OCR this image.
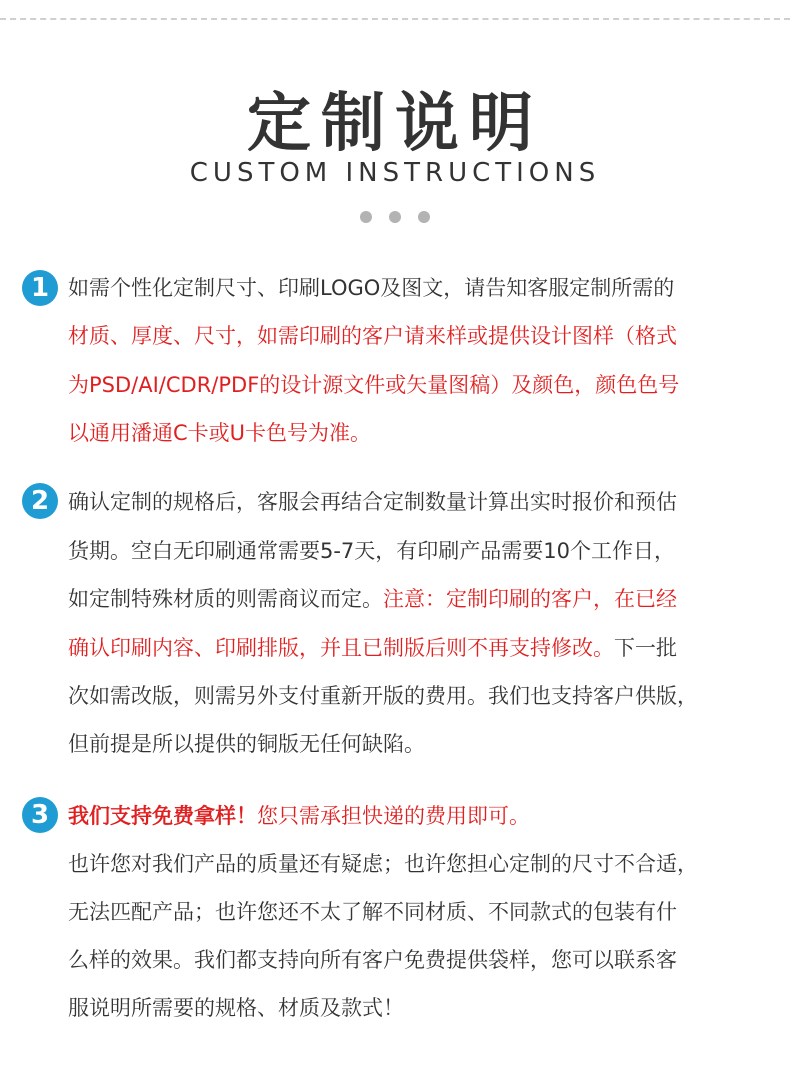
定制说明
CUSTOM INSTRUCTIONS
1 如需个性化定制尺寸、印刷LOGO及图文，请告知客服定制所需的
材质、厚度、尺寸，如需印刷的客户请来样或提供设计图样（格式
为PSD/AI/CDR/PDF的设计源文件或矢量图稿）及颜色，颜色色号
以通用潘通C卡或U卡色号为准。
2 确认定制的规格后，客服会再结合定制数量计算出实时报价和预估
货期。空白无印刷通常需要5-7天，有印刷产品需要10个工作日，
如定制特殊材质的则需商议而定。注意：定制印刷的客户，在已经
确认印刷内容、印刷排版，并且已制版后则不再支持修改。下一批
次如需改版，则需另外支付重新开版的费用。我们也支持客户供版，
但前提是所以提供的铜版无任何缺陷。
3 我们支持免费拿样！您只需承担快递的费用即可。
也许您对我们产品的质量还有疑虑；也许您担心定制的尺寸不合适，
无法匹配产品；也许您还不太了解不同材质、不同款式的包装有什
么样的效果。我们都支持向所有客户免费提供袋样，您可以联系客
服说明所需要的规格、材质及款式！
